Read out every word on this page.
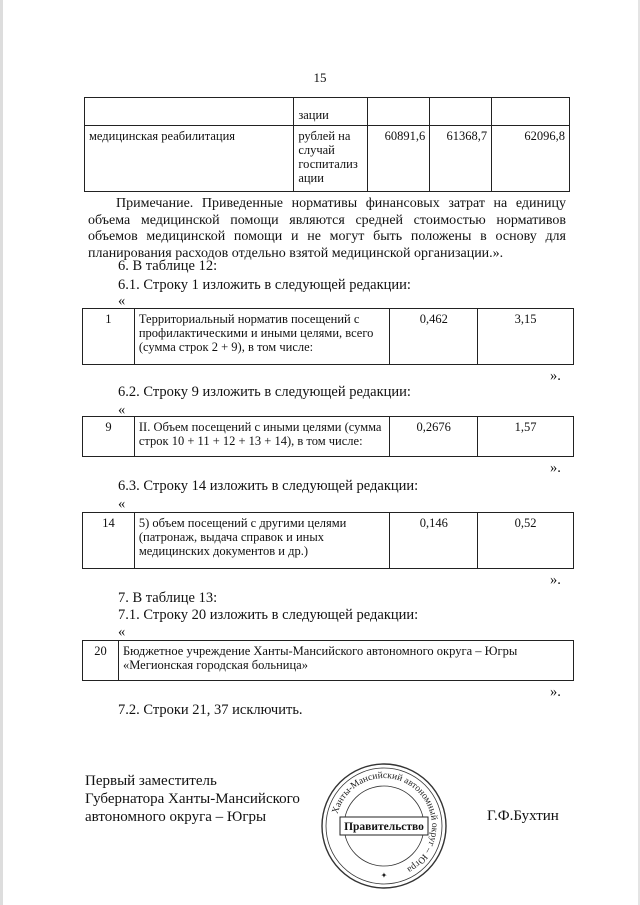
15
	зации			
медицинская реабилитация	рублей на
случай
госпитализ
ации	60891,6	61368,7	62096,8
Примечание. Приведенные нормативы финансовых затрат на единицу объема медицинской помощи являются средней стоимостью нормативов объемов медицинской помощи и не могут быть положены в основу для планирования расходов отдельно взятой медицинской организации.».
6. В таблице 12:
6.1. Строку 1 изложить в следующей редакции:
«
1	Территориальный норматив посещений с
профилактическими и иными целями, всего
(сумма строк 2 + 9), в том числе:
	0,462	3,15
».
6.2. Строку 9 изложить в следующей редакции:
«
9	II. Объем посещений с иными целями (сумма
строк 10 + 11 + 12 + 13 + 14), в том числе:
	0,2676	1,57
».
6.3. Строку 14 изложить в следующей редакции:
«
14	5) объем посещений с другими целями
(патронаж, выдача справок и иных
медицинских документов и др.)
	0,146	0,52
».
7. В таблице 13:
7.1. Строку 20 изложить в следующей редакции:
«
20	Бюджетное учреждение Ханты-Мансийского автономного округа – Югры
«Мегионская городская больница»
».
7.2. Строки 21, 37 исключить.
Первый заместитель
Губернатора Ханты-Мансийского
автономного округа – Югры	Г.Ф.Бухтин
Ханты-Мансийский автономный округ – Югра
Правительство
✦
